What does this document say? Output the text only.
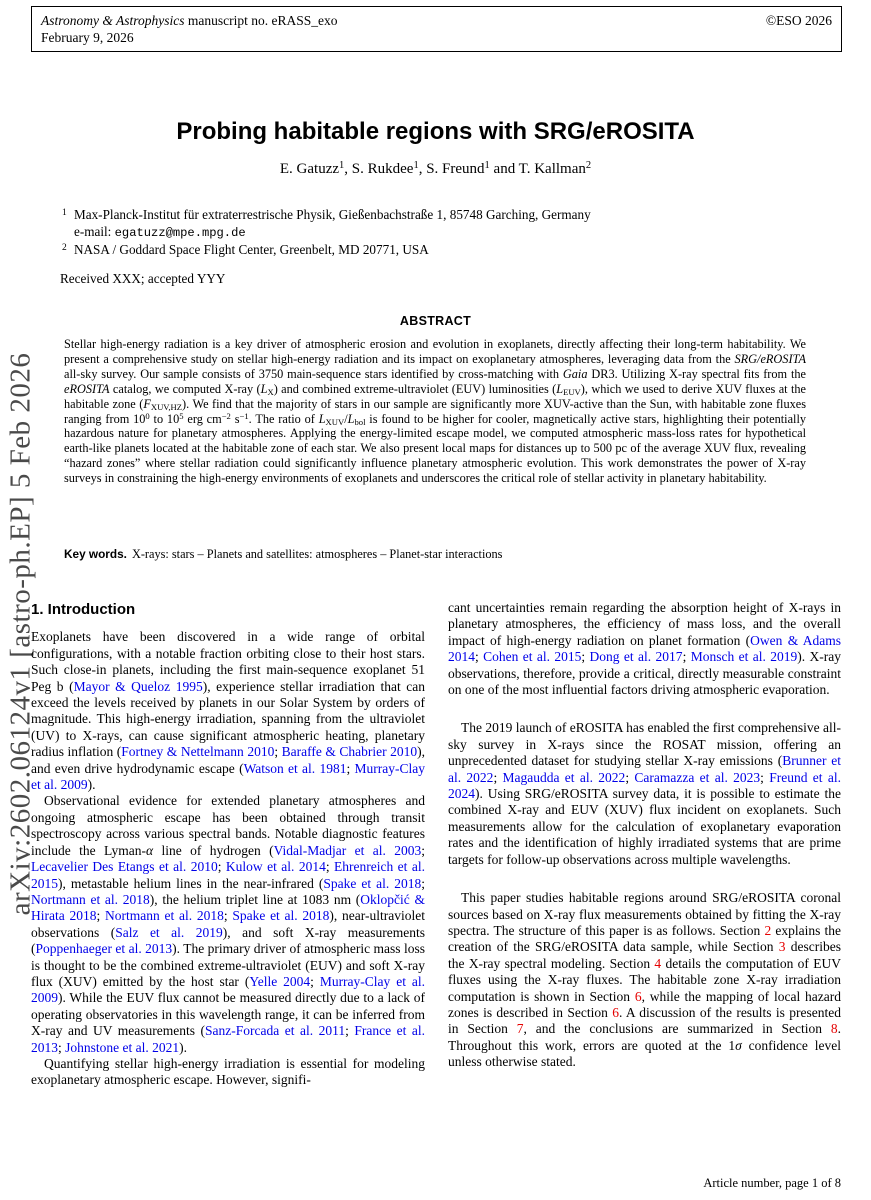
Astronomy & Astrophysics manuscript no. eRASS_exo
February 9, 2026
©ESO 2026
arXiv:2602.06124v1 [astro-ph.EP] 5 Feb 2026
Probing habitable regions with SRG/eROSITA
E. Gatuzz$^1$, S. Rukdee$^1$, S. Freund$^1$ and T. Kallman$^2$
1 Max-Planck-Institut für extraterrestrische Physik, Gießenbachstraße 1, 85748 Garching, Germany
e-mail: egatuzz@mpe.mpg.de
2 NASA / Goddard Space Flight Center, Greenbelt, MD 20771, USA
Received XXX; accepted YYY
ABSTRACT
Stellar high-energy radiation is a key driver of atmospheric erosion and evolution in exoplanets, directly affecting their long-term habitability. We present a comprehensive study on stellar high-energy radiation and its impact on exoplanetary atmospheres, leveraging data from the SRG/eROSITA all-sky survey. Our sample consists of 3750 main-sequence stars identified by cross-matching with Gaia DR3. Utilizing X-ray spectral fits from the eROSITA catalog, we computed X-ray (LX) and combined extreme-ultraviolet (EUV) luminosities (LEUV), which we used to derive XUV fluxes at the habitable zone (FXUV,HZ). We find that the majority of stars in our sample are significantly more XUV-active than the Sun, with habitable zone fluxes ranging from $10^0$ to $10^5$ erg $cm^{-2}$ $s^{-1}$. The ratio of LXUV/Lbol is found to be higher for cooler, magnetically active stars, highlighting their potentially hazardous nature for planetary atmospheres. Applying the energy-limited escape model, we computed atmospheric mass-loss rates for hypothetical earth-like planets located at the habitable zone of each star. We also present local maps for distances up to 500 pc of the average XUV flux, revealing “hazard zones” where stellar radiation could significantly influence planetary atmospheric evolution. This work demonstrates the power of X-ray surveys in constraining the high-energy environments of exoplanets and underscores the critical role of stellar activity in planetary habitability.
Key words. X-rays: stars – Planets and satellites: atmospheres – Planet-star interactions
1. Introduction

Exoplanets have been discovered in a wide range of orbital configurations, with a notable fraction orbiting close to their host stars. Such close-in planets, including the first main-sequence exoplanet 51 Peg b (Mayor & Queloz 1995), experience stellar irradiation that can exceed the levels received by planets in our Solar System by orders of magnitude. This high-energy irradiation, spanning from the ultraviolet (UV) to X-rays, can cause significant atmospheric heating, planetary radius inflation (Fortney & Nettelmann 2010; Baraffe & Chabrier 2010), and even drive hydrodynamic escape (Watson et al. 1981; Murray-Clay et al. 2009).

Observational evidence for extended planetary atmospheres and ongoing atmospheric escape has been obtained through transit spectroscopy across various spectral bands. Notable diagnostic features include the Lyman-α line of hydrogen (Vidal-Madjar et al. 2003; Lecavelier Des Etangs et al. 2010; Kulow et al. 2014; Ehrenreich et al. 2015), metastable helium lines in the near-infrared (Spake et al. 2018; Nortmann et al. 2018), the helium triplet line at 1083 nm (Oklopčić & Hirata 2018; Nortmann et al. 2018; Spake et al. 2018), near-ultraviolet observations (Salz et al. 2019), and soft X-ray measurements (Poppenhaeger et al. 2013). The primary driver of atmospheric mass loss is thought to be the combined extreme-ultraviolet (EUV) and soft X-ray flux (XUV) emitted by the host star (Yelle 2004; Murray-Clay et al. 2009). While the EUV flux cannot be measured directly due to a lack of operating observatories in this wavelength range, it can be inferred from X-ray and UV measurements (Sanz-Forcada et al. 2011; France et al. 2013; Johnstone et al. 2021).

Quantifying stellar high-energy irradiation is essential for modeling exoplanetary atmospheric escape. However, signifi-

cant uncertainties remain regarding the absorption height of X-rays in planetary atmospheres, the efficiency of mass loss, and the overall impact of high-energy radiation on planet formation (Owen & Adams 2014; Cohen et al. 2015; Dong et al. 2017; Monsch et al. 2019). X-ray observations, therefore, provide a critical, directly measurable constraint on one of the most influential factors driving atmospheric evaporation.

The 2019 launch of eROSITA has enabled the first comprehensive all-sky survey in X-rays since the ROSAT mission, offering an unprecedented dataset for studying stellar X-ray emissions (Brunner et al. 2022; Magaudda et al. 2022; Caramazza et al. 2023; Freund et al. 2024). Using SRG/eROSITA survey data, it is possible to estimate the combined X-ray and EUV (XUV) flux incident on exoplanets. Such measurements allow for the calculation of exoplanetary evaporation rates and the identification of highly irradiated systems that are prime targets for follow-up observations across multiple wavelengths.

This paper studies habitable regions around SRG/eROSITA coronal sources based on X-ray flux measurements obtained by fitting the X-ray spectra. The structure of this paper is as follows. Section 2 explains the creation of the SRG/eROSITA data sample, while Section 3 describes the X-ray spectral modeling. Section 4 details the computation of EUV fluxes using the X-ray fluxes. The habitable zone X-ray irradiation computation is shown in Section 6, while the mapping of local hazard zones is described in Section 6. A discussion of the results is presented in Section 7, and the conclusions are summarized in Section 8. Throughout this work, errors are quoted at the 1σ confidence level unless otherwise stated.

Article number, page 1 of 8
